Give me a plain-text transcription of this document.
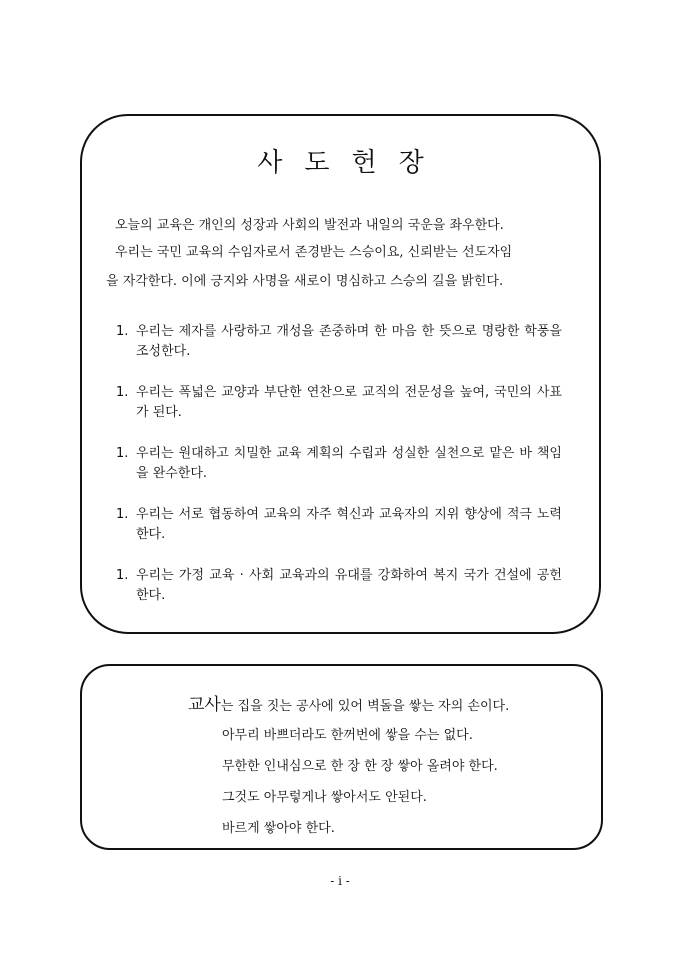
사도헌장
오늘의 교육은 개인의 성장과 사회의 발전과 내일의 국운을 좌우한다.
우리는 국민 교육의 수임자로서 존경받는 스승이요, 신뢰받는 선도자임
을 자각한다. 이에 긍지와 사명을 새로이 명심하고 스승의 길을 밝힌다.
1. 우리는 제자를 사랑하고 개성을 존중하며 한 마음 한 뜻으로 명랑한 학풍을 조성한다.
1. 우리는 폭넓은 교양과 부단한 연찬으로 교직의 전문성을 높여, 국민의 사표가 된다.
1. 우리는 원대하고 치밀한 교육 계획의 수립과 성실한 실천으로 맡은 바 책임을 완수한다.
1. 우리는 서로 협동하여 교육의 자주 혁신과 교육자의 지위 향상에 적극 노력한다.
1. 우리는 가정 교육 · 사회 교육과의 유대를 강화하여 복지 국가 건설에 공헌한다.
교사는 집을 짓는 공사에 있어 벽돌을 쌓는 자의 손이다.
아무리 바쁘더라도 한꺼번에 쌓을 수는 없다.
무한한 인내심으로 한 장 한 장 쌓아 올려야 한다.
그것도 아무렇게나 쌓아서도 안된다.
바르게 쌓아야 한다.
- i -
